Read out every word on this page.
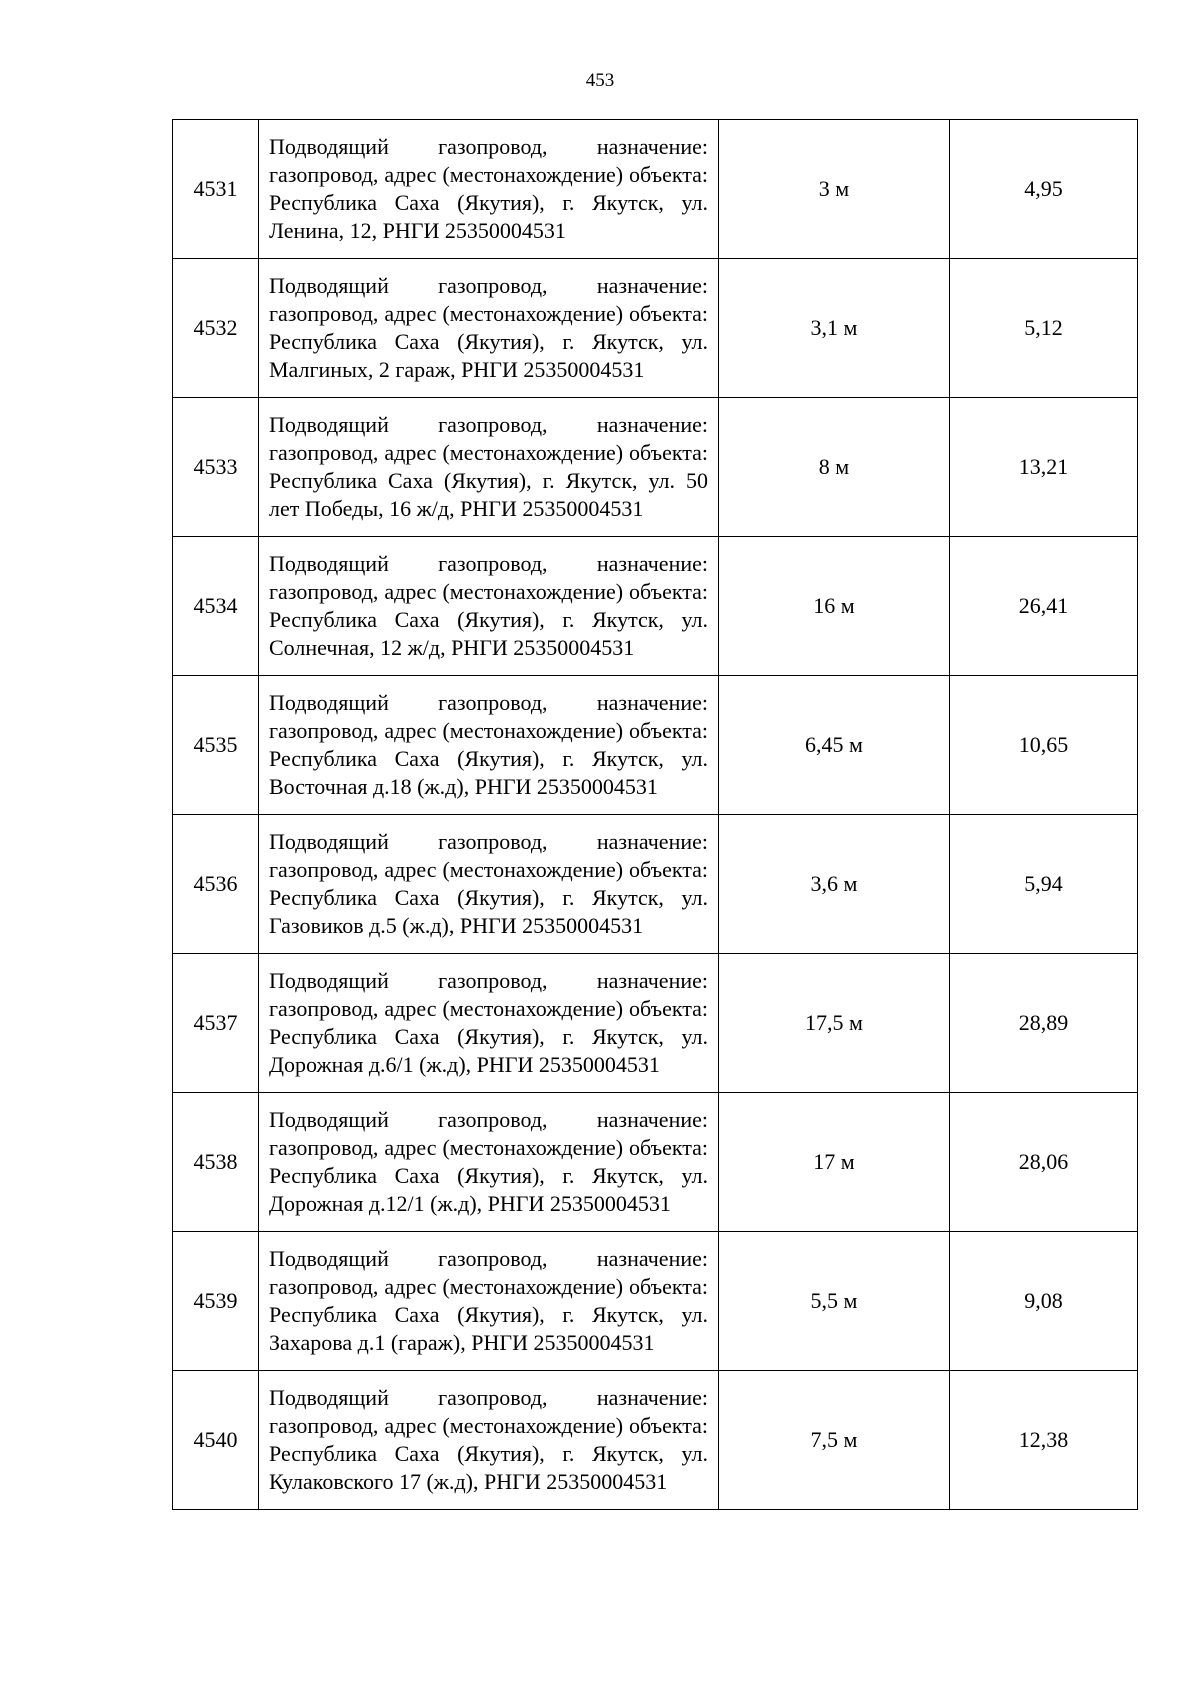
453
4531	Подводящий газопровод, назначение: газопровод, адрес (местонахождение) объекта: Республика Саха (Якутия), г. Якутск, ул. Ленина, 12, РНГИ 25350004531	3 м	4,95
4532	Подводящий газопровод, назначение: газопровод, адрес (местонахождение) объекта: Республика Саха (Якутия), г. Якутск, ул. Малгиных, 2 гараж, РНГИ 25350004531	3,1 м	5,12
4533	Подводящий газопровод, назначение: газопровод, адрес (местонахождение) объекта: Республика Саха (Якутия), г. Якутск, ул. 50 лет Победы, 16 ж/д, РНГИ 25350004531	8 м	13,21
4534	Подводящий газопровод, назначение: газопровод, адрес (местонахождение) объекта: Республика Саха (Якутия), г. Якутск, ул. Солнечная, 12 ж/д, РНГИ 25350004531	16 м	26,41
4535	Подводящий газопровод, назначение: газопровод, адрес (местонахождение) объекта: Республика Саха (Якутия), г. Якутск, ул. Восточная д.18 (ж.д), РНГИ 25350004531	6,45 м	10,65
4536	Подводящий газопровод, назначение: газопровод, адрес (местонахождение) объекта: Республика Саха (Якутия), г. Якутск, ул. Газовиков д.5 (ж.д), РНГИ 25350004531	3,6 м	5,94
4537	Подводящий газопровод, назначение: газопровод, адрес (местонахождение) объекта: Республика Саха (Якутия), г. Якутск, ул. Дорожная д.6/1 (ж.д), РНГИ 25350004531	17,5 м	28,89
4538	Подводящий газопровод, назначение: газопровод, адрес (местонахождение) объекта: Республика Саха (Якутия), г. Якутск, ул. Дорожная д.12/1 (ж.д), РНГИ 25350004531	17 м	28,06
4539	Подводящий газопровод, назначение: газопровод, адрес (местонахождение) объекта: Республика Саха (Якутия), г. Якутск, ул. Захарова д.1 (гараж), РНГИ 25350004531	5,5 м	9,08
4540	Подводящий газопровод, назначение: газопровод, адрес (местонахождение) объекта: Республика Саха (Якутия), г. Якутск, ул. Кулаковского 17 (ж.д), РНГИ 25350004531	7,5 м	12,38
